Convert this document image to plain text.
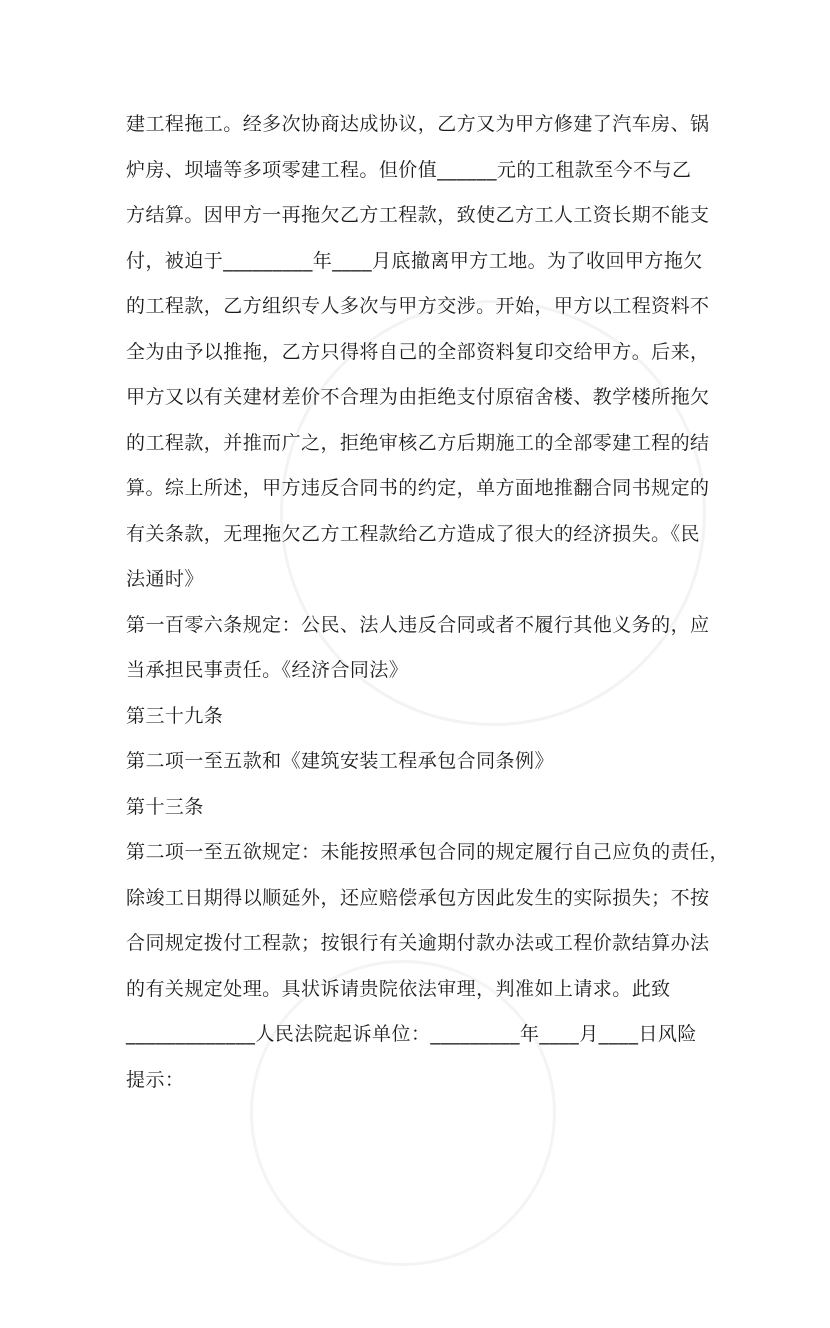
建工程拖工。经多次协商达成协议，乙方又为甲方修建了汽车房、锅
炉房、坝墙等多项零建工程。但价值______元的工租款至今不与乙
方结算。因甲方一再拖欠乙方工程款，致使乙方工人工资长期不能支
付，被迫于_________年____月底撤离甲方工地。为了收回甲方拖欠
的工程款，乙方组织专人多次与甲方交涉。开始，甲方以工程资料不
全为由予以推拖，乙方只得将自己的全部资料复印交给甲方。后来，
甲方又以有关建材差价不合理为由拒绝支付原宿舍楼、教学楼所拖欠
的工程款，并推而广之，拒绝审核乙方后期施工的全部零建工程的结
算。综上所述，甲方违反合同书的约定，单方面地推翻合同书规定的
有关条款，无理拖欠乙方工程款给乙方造成了很大的经济损失。《民
法通时》
第一百零六条规定：公民、法人违反合同或者不履行其他义务的，应
当承担民事责任。《经济合同法》
第三十九条
第二项一至五款和《建筑安装工程承包合同条例》
第十三条
第二项一至五欲规定：未能按照承包合同的规定履行自己应负的责任，
除竣工日期得以顺延外，还应赔偿承包方因此发生的实际损失；不按
合同规定拨付工程款；按银行有关逾期付款办法或工程价款结算办法
的有关规定处理。具状诉请贵院依法审理，判准如上请求。此致
_____________人民法院起诉单位：_________年____月____日风险
提示：
